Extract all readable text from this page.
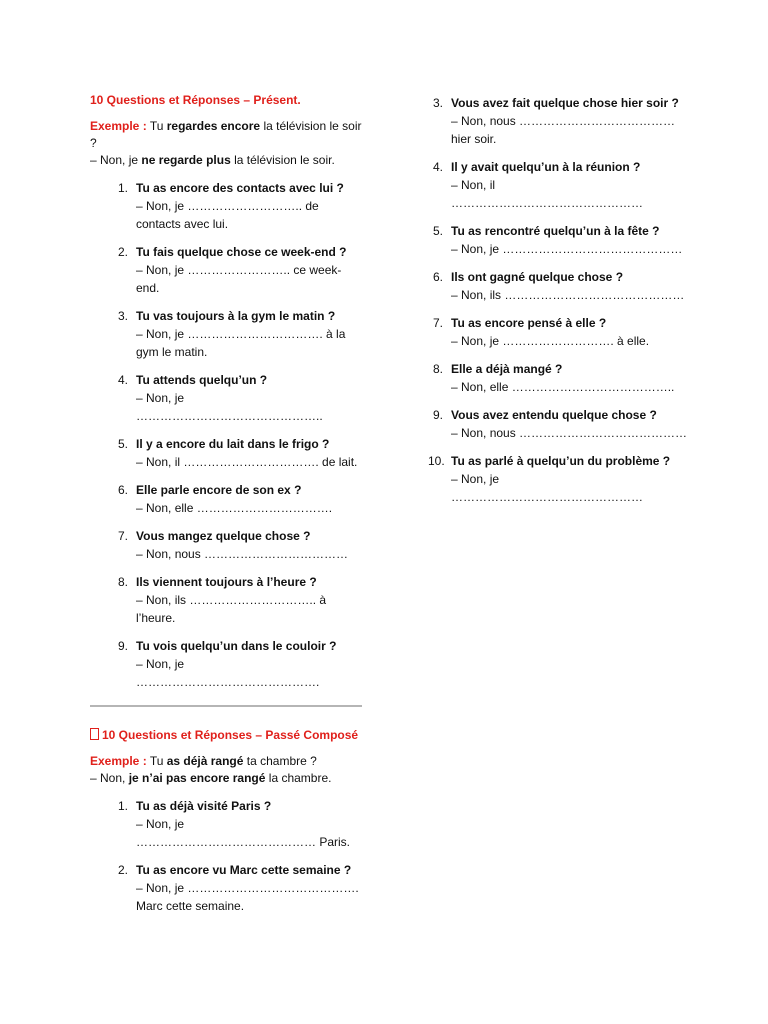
10 Questions et Réponses – Présent.
Exemple : Tu regardes encore la télévision le soir ?
– Non, je ne regarde plus la télévision le soir.
1. Tu as encore des contacts avec lui ?
– Non, je ……………………….. de contacts avec lui.
2. Tu fais quelque chose ce week-end ?
– Non, je …………………….. ce week-end.
3. Tu vas toujours à la gym le matin ?
– Non, je ……………………………. à la gym le matin.
4. Tu attends quelqu’un ?
– Non, je ………………………………………..
5. Il y a encore du lait dans le frigo ?
– Non, il ……………………………. de lait.
6. Elle parle encore de son ex ?
– Non, elle …………………………….
7. Vous mangez quelque chose ?
– Non, nous ………………………………
8. Ils viennent toujours à l’heure ?
– Non, ils ………………………….. à l’heure.
9. Tu vois quelqu’un dans le couloir ?
– Non, je ……………………………………….
10 Questions et Réponses – Passé Composé
Exemple : Tu as déjà rangé ta chambre ?
– Non, je n’ai pas encore rangé la chambre.
1. Tu as déjà visité Paris ?
– Non, je ……………………………………… Paris.
2. Tu as encore vu Marc cette semaine ?
– Non, je ……………………………………. Marc cette semaine.
3. Vous avez fait quelque chose hier soir ?
– Non, nous ………………………………… hier soir.
4. Il y avait quelqu’un à la réunion ?
– Non, il …………………………………………
5. Tu as rencontré quelqu’un à la fête ?
– Non, je ………………………………………
6. Ils ont gagné quelque chose ?
– Non, ils ………………………………………
7. Tu as encore pensé à elle ?
– Non, je ………………………. à elle.
8. Elle a déjà mangé ?
– Non, elle …………………………………..
9. Vous avez entendu quelque chose ?
– Non, nous ……………………………………
10. Tu as parlé à quelqu’un du problème ?
– Non, je …………………………………………
